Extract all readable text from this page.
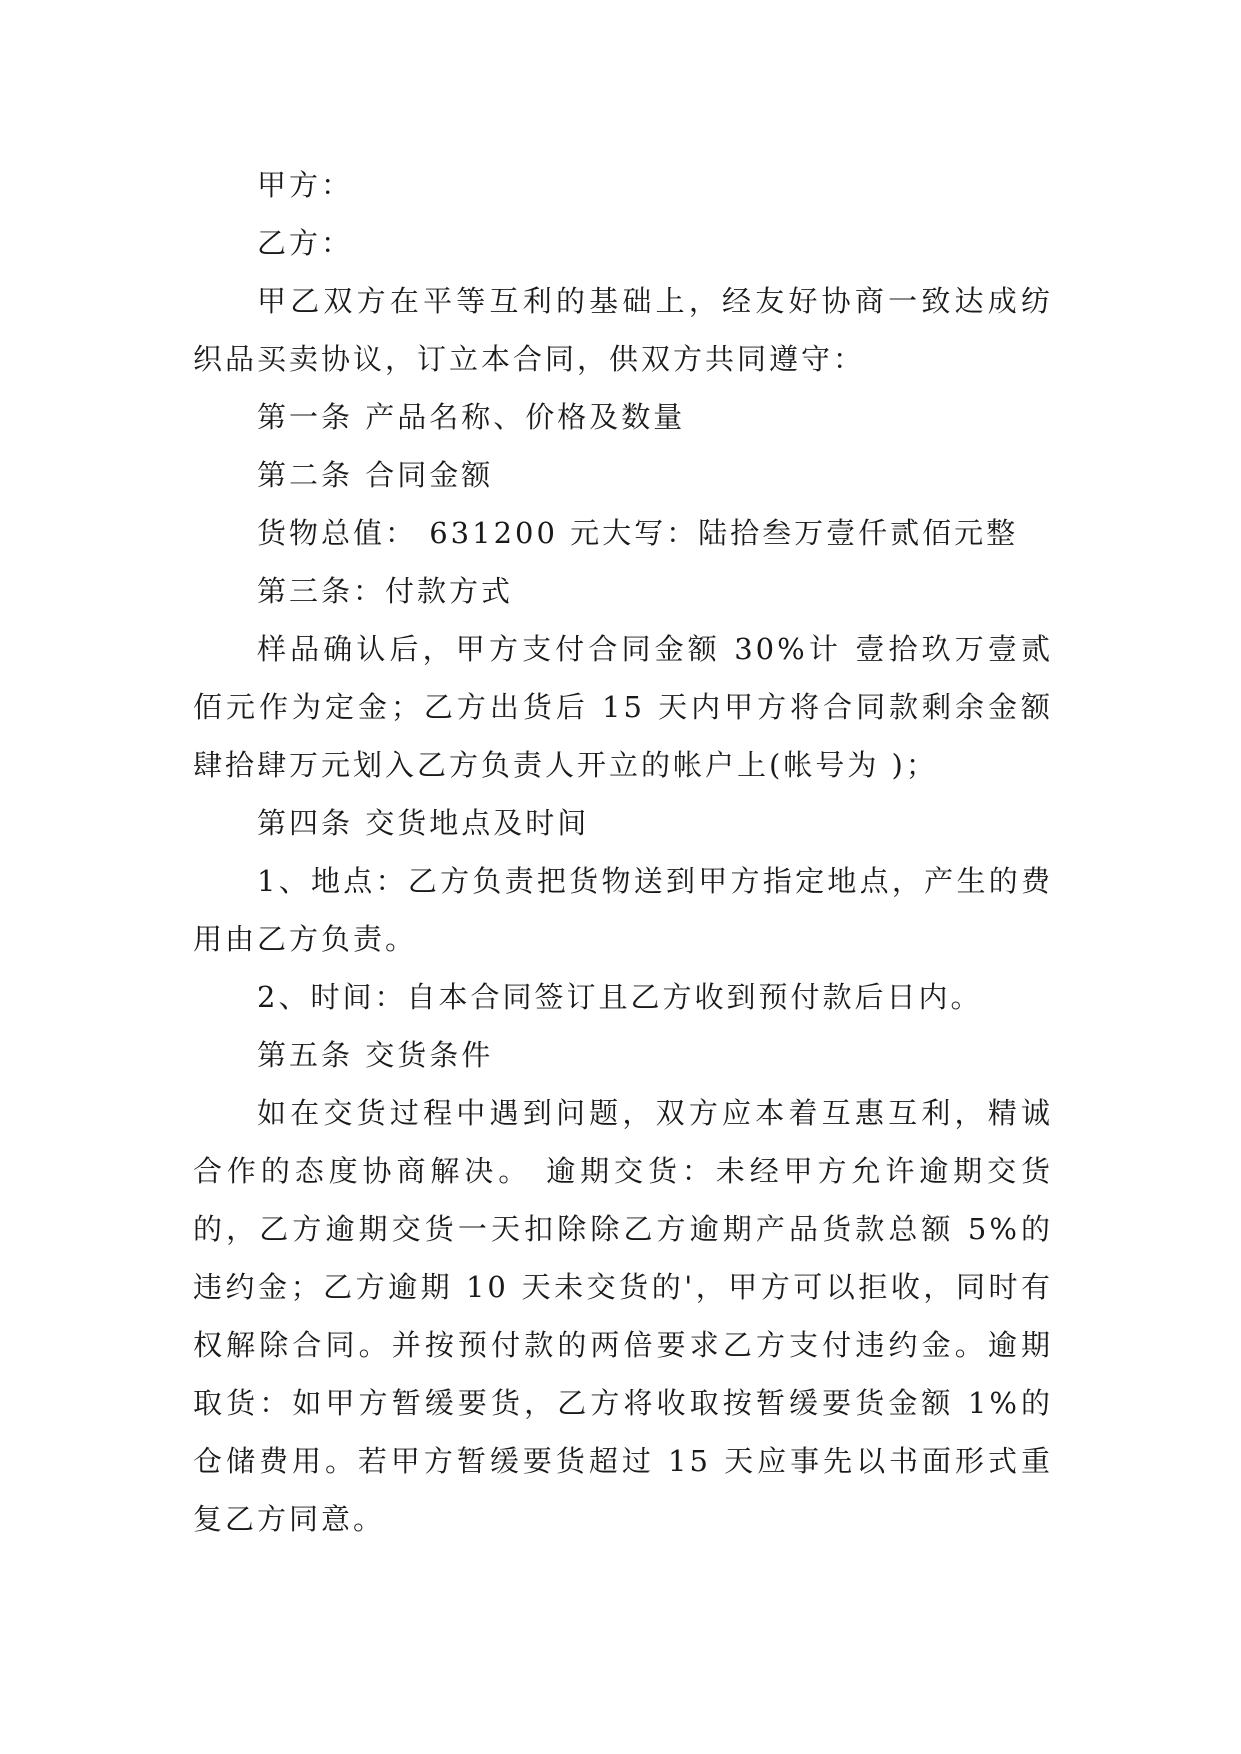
甲方：

乙方：

甲乙双方在平等互利的基础上，经友好协商一致达成纺织品买卖协议，订立本合同，供双方共同遵守：

第一条 产品名称、价格及数量

第二条 合同金额

货物总值： 631200 元大写：陆拾叁万壹仟贰佰元整

第三条：付款方式

样品确认后，甲方支付合同金额 30%计 壹拾玖万壹贰佰元作为定金；乙方出货后 15 天内甲方将合同款剩余金额 肆拾肆万元划入乙方负责人开立的帐户上(帐号为 )；

第四条 交货地点及时间

1、地点：乙方负责把货物送到甲方指定地点，产生的费用由乙方负责。

2、时间：自本合同签订且乙方收到预付款后日内。

第五条 交货条件

如在交货过程中遇到问题，双方应本着互惠互利，精诚合作的态度协商解决。 逾期交货：未经甲方允许逾期交货的，乙方逾期交货一天扣除除乙方逾期产品货款总额 5%的违约金；乙方逾期 10 天未交货的'，甲方可以拒收，同时有权解除合同。并按预付款的两倍要求乙方支付违约金。逾期取货：如甲方暂缓要货，乙方将收取按暂缓要货金额 1%的仓储费用。若甲方暂缓要货超过 15 天应事先以书面形式重复乙方同意。
